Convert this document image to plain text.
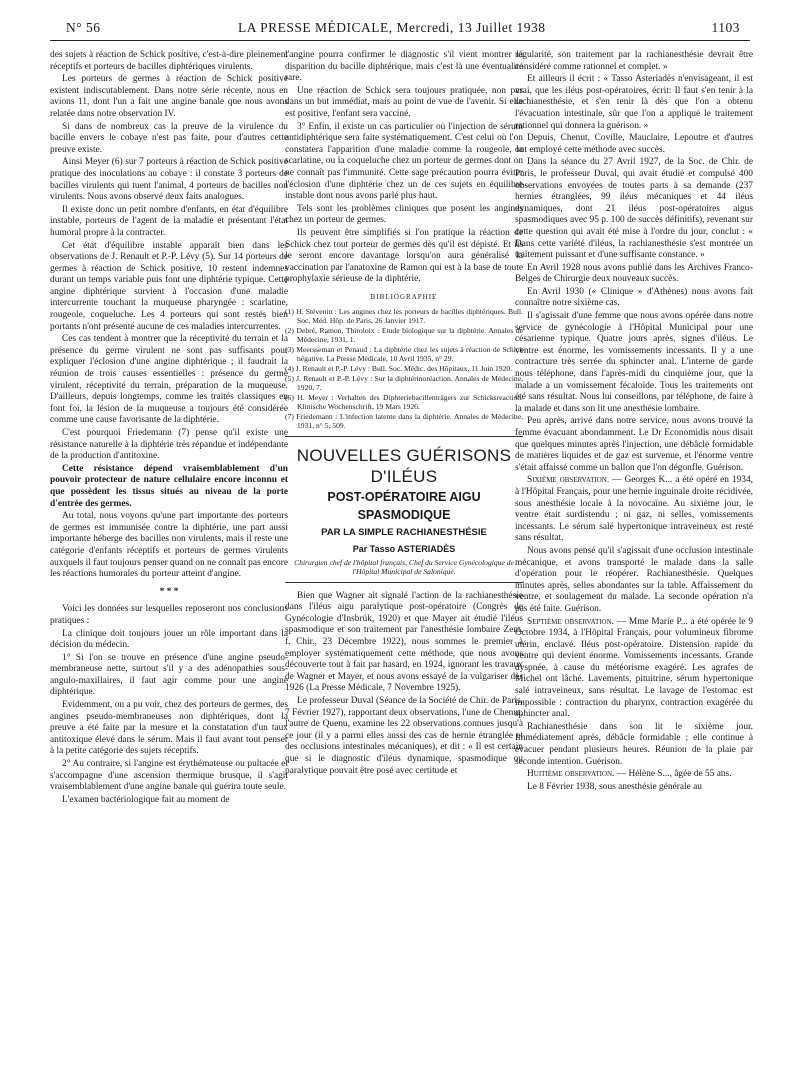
N° 56	LA PRESSE MÉDICALE, Mercredi, 13 Juillet 1938	1103

des sujets à réaction de Schick positive, c'est-à-dire pleinement réceptifs et porteurs de bacilles diphtériques virulents.

Les porteurs de germes à réaction de Schick positive existent indiscutablement. Dans notre série récente, nous en avions 11, dont l'un a fait une angine banale que nous avons relatée dans notre observation IV.

Si dans de nombreux cas la preuve de la virulence du bacille envers le cobaye n'est pas faite, pour d'autres cette preuve existe.

Ainsi Meyer (6) sur 7 porteurs à réaction de Schick positive pratique des inoculations au cobaye : il constate 3 porteurs de bacilles virulents qui tuent l'animal, 4 porteurs de bacilles non virulents. Nous avons observé deux faits analogues.

Il existe donc un petit nombre d'enfants, en état d'équilibre instable, porteurs de l'agent de la maladie et présentant l'état humoral propre à la contracter.

Cet état d'équilibre instable apparaît bien dans les observations de J. Renault et P.-P. Lévy (5). Sur 14 porteurs de germes à réaction de Schick positive, 10 restent indemnes durant un temps variable puis font une diphtérie typique. Cette angine diphtérique survient à l'occasion d'une maladie intercurrente touchant la muqueuse pharyngée : scarlatine, rougeole, coqueluche. Les 4 porteurs qui sont restés bien portants n'ont présenté aucune de ces maladies intercurrentes.

Ces cas tendent à montrer que la réceptivité du terrain et la présence du germe virulent ne sont pas suffisants pour expliquer l'éclosion d'une angine diphtérique ; il faudrait la réunion de trois causes essentielles : présence du germe virulent, réceptivité du terrain, préparation de la muqueuse. D'ailleurs, depuis longtemps, comme les traités classiques en font foi, la lésion de la muqueuse a toujours été considérée comme une cause favorisante de la diphtérie.

C'est pourquoi Friedemann (7) pense qu'il existe une résistance naturelle à la diphtérie très répandue et indépendante de la production d'antitoxine.

Cette résistance dépend vraisemblablement d'un pouvoir protecteur de nature cellulaire encore inconnu et que possèdent les tissus situés au niveau de la porte d'entrée des germes.

Au total, nous voyons qu'une part importante des porteurs de germes est immunisée contre la diphtérie, une part aussi importante héberge des bacilles non virulents, mais il reste une catégorie d'enfants réceptifs et porteurs de germes virulents auxquels il faut toujours penser quand on ne connaît pas encore les réactions humorales du porteur atteint d'angine.

* * *

Voici les données sur lesquelles reposeront nos conclusions pratiques :

La clinique doit toujours jouer un rôle important dans la décision du médecin.

1° Si l'on se trouve en présence d'une angine pseudo-membraneuse nette, surtout s'il y a des adénopathies sous-angulo-maxillaires, il faut agir comme pour une angine diphtérique.

Evidemment, on a pu voir, chez des porteurs de germes, des angines pseudo-membraneuses non diphtériques, dont la preuve a été faite par la mesure et la constatation d'un taux antitoxique élevé dans le sérum. Mais il faut avant tout penser à la petite catégorie des sujets réceptifs.

2° Au contraire, si l'angine est érythémateuse ou pultacée et s'accompagne d'une ascension thermique brusque, il s'agit vraisemblablement d'une angine banale qui guérira toute seule.

L'examen bactériologique fait au moment de

l'angine pourra confirmer le diagnostic s'il vient montrer la disparition du bacille diphtérique, mais c'est là une éventualité rare.

Une réaction de Schick sera toujours pratiquée, non pas dans un but immédiat, mais au point de vue de l'avenir. Si elle est positive, l'enfant sera vacciné.

3° Enfin, il existe un cas particulier où l'injection de sérum antidiphtérique sera faite systématiquement. C'est celui où l'on constatera l'apparition d'une maladie comme la rougeole, la scarlatine, ou la coqueluche chez un porteur de germes dont on ne connaît pas l'immunité. Cette sage précaution pourra éviter l'éclosion d'une diphtérie chez un de ces sujets en équilibre instable dont nous avons parlé plus haut.

Tels sont les problèmes cliniques que posent les angines chez un porteur de germes.

Ils peuvent être simplifiés si l'on pratique la réaction de Schick chez tout porteur de germes dès qu'il est dépisté. Et ils le seront encore davantage lorsqu'on aura généralisé la vaccination par l'anatoxine de Ramon qui est à la base de toute prophylaxie sérieuse de la diphtérie.

BIBLIOGRAPHIE

(1) H. Stévenin : Les angines chez les porteurs de bacilles diphtériques. Bull. Soc. Méd. Hôp. de Paris, 26 Janvier 1917.

(2) Debré, Ramon, Thiroloix : Etude biologique sur la diphtérie. Annales de Médecine, 1931, 1.

(3) Meersseman et Penaud : La diphtérie chez les sujets à réaction de Schick négative. La Presse Médicale, 10 Avril 1935, n° 29.

(4) J. Renault et P.-P. Lévy : Bull. Soc. Médic. des Hôpitaux, 11 Juin 1920.

(5) J. Renault et P.-P. Lévy : Sur la diphtérinoréaction. Annales de Médecine, 1920, 7.

(6) H. Meyer : Verhalten des Diphteriebacillenträgers zur Schicksreaction. Klinische Wochenschrift, 19 Mars 1926.

(7) Friedemann : L'infection latente dans la diphtérie. Annales de Médecine, 1931, n° 5, 509.

NOUVELLES GUÉRISONS
D'ILÉUS
POST-OPÉRATOIRE AIGU
SPASMODIQUE
PAR LA SIMPLE RACHIANESTHÉSIE
Par Tasso ASTERIADÈS
Chirurgien chef de l'hôpital français, Chef du Service Gynécologique de l'Hôpital Municipal de Salonique.

Bien que Wagner ait signalé l'action de la rachianesthésie dans l'iléus aigu paralytique post-opératoire (Congrès de Gynécologie d'Insbrük, 1920) et que Mayer ait étudié l'iléus spasmodique et son traitement par l'anesthésie lombaire Zent. f. Chir., 23 Décembre 1922), nous sommes le premier à employer systématiquement cette méthode, que nous avons découverte tout à fait par hasard, en 1924, ignorant les travaux de Wagner et Mayer, et nous avons essayé de la vulgariser dès 1926 (La Presse Médicale, 7 Novembre 1925).

Le professeur Duval (Séance de la Société de Chir. de Paris, 7 Février 1927), rapportant deux observations, l'une de Chenut, l'autre de Quenu, examine les 22 observations connues jusqu'à ce jour (il y a parmi elles aussi des cas de hernie étranglée et des occlusions intestinales mécaniques), et dit : « Il est certain que si le diagnostic d'iléus dynamique, spasmodique ou paralytique pouvait être posé avec certitude et

régularité, son traitement par la rachianesthésie devrait être considéré comme rationnel et complet. »

Et ailleurs il écrit : « Tasso Asteriadès n'envisageant, il est vrai, que les iléus post-opératoires, écrit: Il faut s'en tenir à la rachianesthésie, et s'en tenir là dès que l'on a obtenu l'évacuation intestinale, sûr que l'on a appliqué le traitement rationnel qui donnera la guérison. »

Depuis, Chenut, Coville, Mauclaire, Lepoutre et d'autres ont employé cette méthode avec succès.

Dans la séance du 27 Avril 1927, de la Soc. de Chir. de Paris, le professeur Duval, qui avait étudié et compulsé 400 observations envoyées de toutes parts à sa demande (237 hernies étranglées, 99 iléus mécaniques et 44 iléus dynamiques, dont 21 iléus post-opératoires aigus spasmodiques avec 95 p. 100 de succès définitifs), revenant sur cette question qui avait été mise à l'ordre du jour, conclut : « Dans cette variété d'iléus, la rachianesthésie s'est montrée un traitement puissant et d'une suffisante constance. »

En Avril 1928 nous avons publié dans les Archives Franco-Belges de Chirurgie deux nouveaux succès.

En Avril 1930 (« Clinique » d'Athènes) nous avons fait connaître notre sixième cas.

Il s'agissait d'une femme que nous avons opérée dans notre service de gynécologie à l'Hôpital Municipal pour une césarienne typique. Quatre jours après, signes d'iléus. Le ventre est énorme, les vomissements incessants. Il y a une contracture très serrée du sphincter anal. L'interne de garde nous téléphone, dans l'après-midi du cinquième jour, que la malade a un vomissement fécaloïde. Tous les traitements ont été sans résultat. Nous lui conseillons, par téléphone, de faire à la malade et dans son lit une anesthésie lombaire.

Peu après, arrivé dans notre service, nous avons trouvé la femme évacuant abondamment. Le Dr Economidis nous disait que quelques minutes après l'injection, une débâcle formidable de matières liquides et de gaz est survenue, et l'énorme ventre s'était affaissé comme un ballon que l'on dégonfle. Guérison.

Sixième observation. — Georges K... a été opéré en 1934, à l'Hôpital Français, pour une hernie inguinale droite récidivée, sous anesthésie locale à la novocaïne. Au sixième jour, le ventre était surdistendu ; ni gaz, ni selles, vomissements incessants. Le sérum salé hypertonique intraveineux est resté sans résultat.

Nous avons pensé qu'il s'agissait d'une occlusion intestinale mécanique, et avons transporté le malade dans la salle d'opération pour le réopérer. Rachianesthésie. Quelques minutes après, selles abondantes sur la table. Affaissement du ventre, et soulagement du malade. La seconde opération n'a pas été faite. Guérison.

Septième observation. — Mme Marie P... a été opérée le 9 Octobre 1934, à l'Hôpital Français, pour volumineux fibrome utérin, enclavé. Iléus post-opératoire. Distension rapide du ventre qui devient énorme. Vomissements incessants. Grande dyspnée, à cause du météorisme exagéré. Les agrafes de Michel ont lâché. Lavements, pituitrine, sérum hypertonique salé intraveineux, sans résultat. Le lavage de l'estomac est impossible : contraction du pharynx, contraction exagérée du sphincter anal.

Rachianesthésie dans son lit le sixième jour. Immédiatement après, débâcle formidable ; elle continue à évacuer pendant plusieurs heures. Réunion de la plaie par seconde intention. Guérison.

Huitième observation. — Hélène S..., âgée de 55 ans.

Le 8 Février 1938, sous anesthésie générale au
